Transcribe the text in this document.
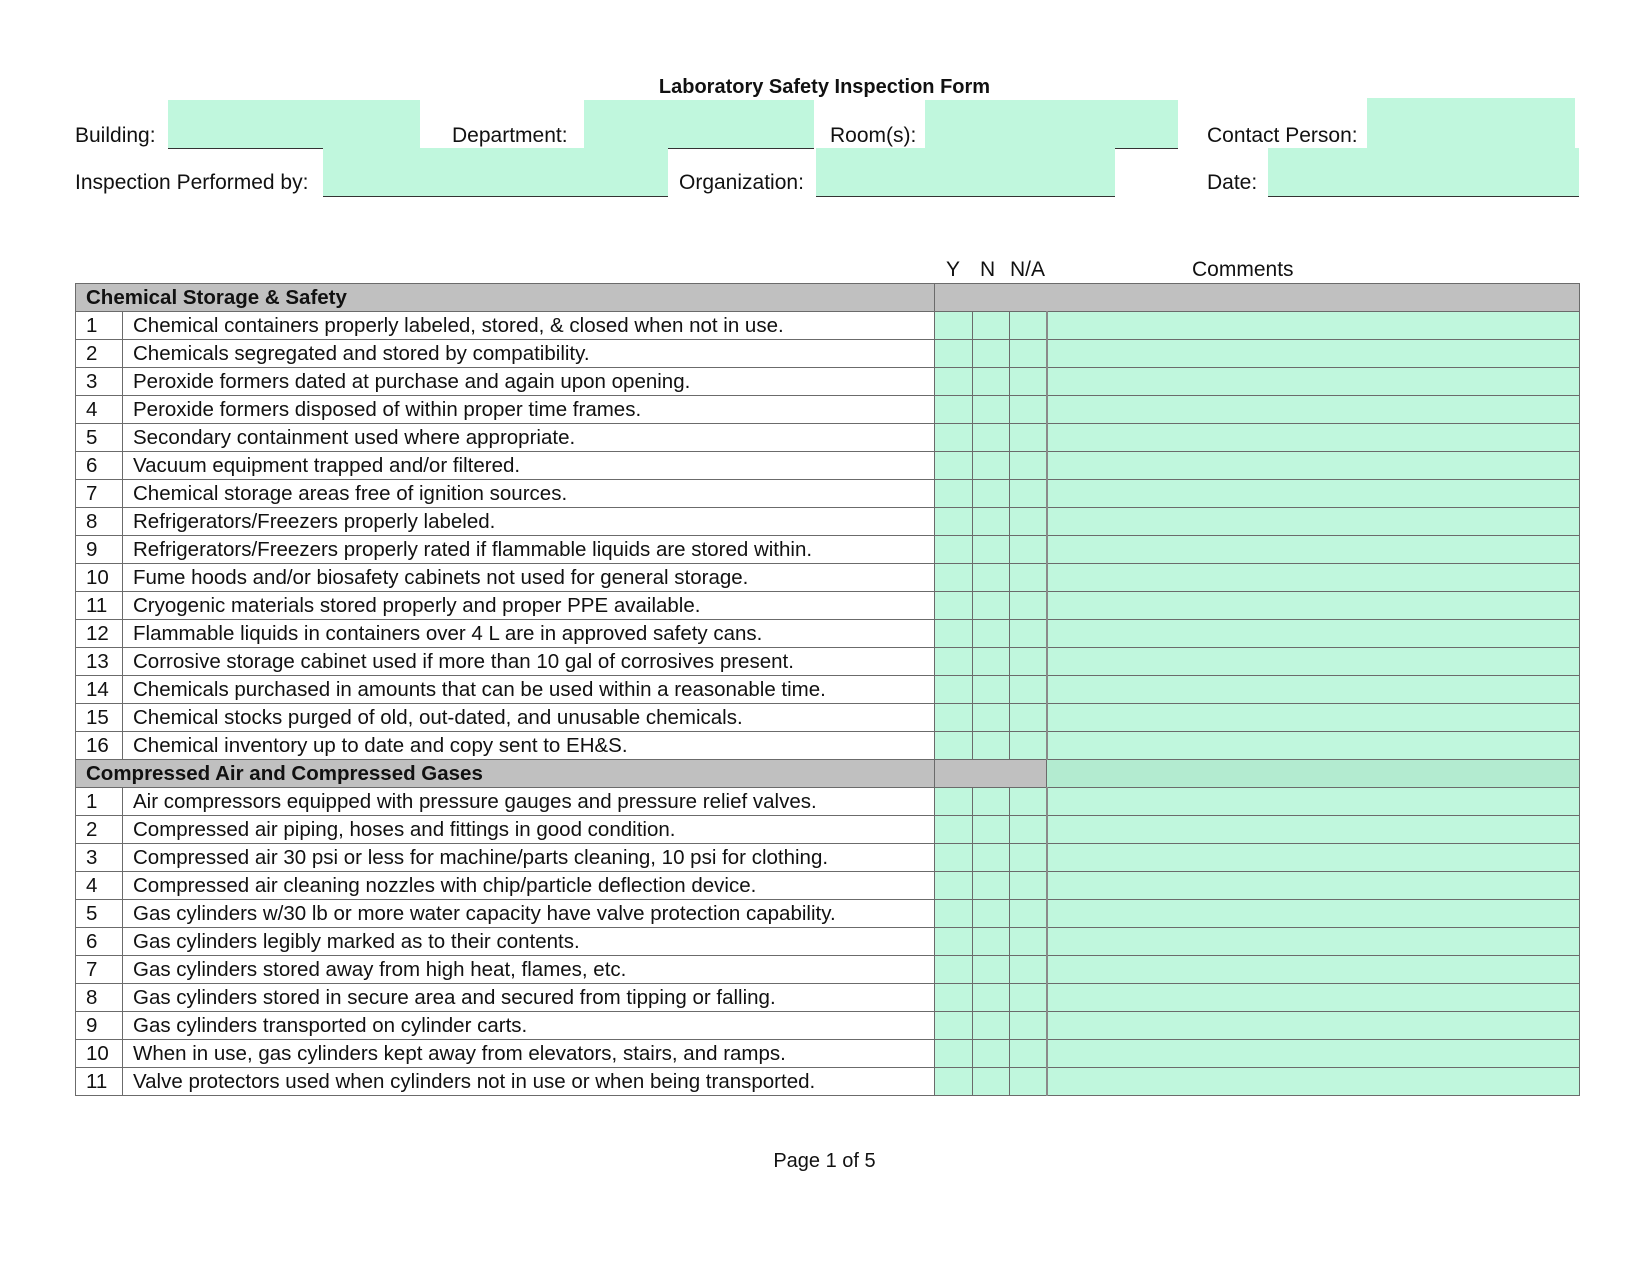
Laboratory Safety Inspection Form
Building:	Department:	Room(s):	Contact Person:
Inspection Performed by:	Organization:	Date:
Y N N/A	Comments
Chemical Storage & Safety					
1	Chemical containers properly labeled, stored, & closed when not in use.				
2	Chemicals segregated and stored by compatibility.				
3	Peroxide formers dated at purchase and again upon opening.				
4	Peroxide formers disposed of within proper time frames.				
5	Secondary containment used where appropriate.				
6	Vacuum equipment trapped and/or filtered.				
7	Chemical storage areas free of ignition sources.				
8	Refrigerators/Freezers properly labeled.				
9	Refrigerators/Freezers properly rated if flammable liquids are stored within.				
10	Fume hoods and/or biosafety cabinets not used for general storage.				
11	Cryogenic materials stored properly and proper PPE available.				
12	Flammable liquids in containers over 4 L are in approved safety cans.				
13	Corrosive storage cabinet used if more than 10 gal of corrosives present.				
14	Chemicals purchased in amounts that can be used within a reasonable time.				
15	Chemical stocks purged of old, out-dated, and unusable chemicals.				
16	Chemical inventory up to date and copy sent to EH&S.				
Compressed Air and Compressed Gases					
1	Air compressors equipped with pressure gauges and pressure relief valves.				
2	Compressed air piping, hoses and fittings in good condition.				
3	Compressed air 30 psi or less for machine/parts cleaning, 10 psi for clothing.				
4	Compressed air cleaning nozzles with chip/particle deflection device.				
5	Gas cylinders w/30 lb or more water capacity have valve protection capability.				
6	Gas cylinders legibly marked as to their contents.				
7	Gas cylinders stored away from high heat, flames, etc.				
8	Gas cylinders stored in secure area and secured from tipping or falling.				
9	Gas cylinders transported on cylinder carts.				
10	When in use, gas cylinders kept away from elevators, stairs, and ramps.				
11	Valve protectors used when cylinders not in use or when being transported.				
Page 1 of 5
